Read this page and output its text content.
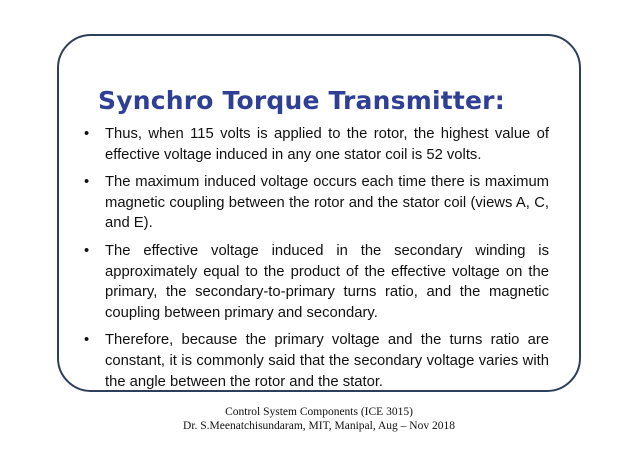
Synchro Torque Transmitter:
• Thus, when 115 volts is applied to the rotor, the highest value of effective voltage induced in any one stator coil is 52 volts.
• The maximum induced voltage occurs each time there is maximum magnetic coupling between the rotor and the stator coil (views A, C, and E).
• The effective voltage induced in the secondary winding is approximately equal to the product of the effective voltage on the primary, the secondary-to-primary turns ratio, and the magnetic coupling between primary and secondary.
• Therefore, because the primary voltage and the turns ratio are constant, it is commonly said that the secondary voltage varies with the angle between the rotor and the stator.
Control System Components (ICE 3015)
Dr. S.Meenatchisundaram, MIT, Manipal, Aug – Nov 2018
